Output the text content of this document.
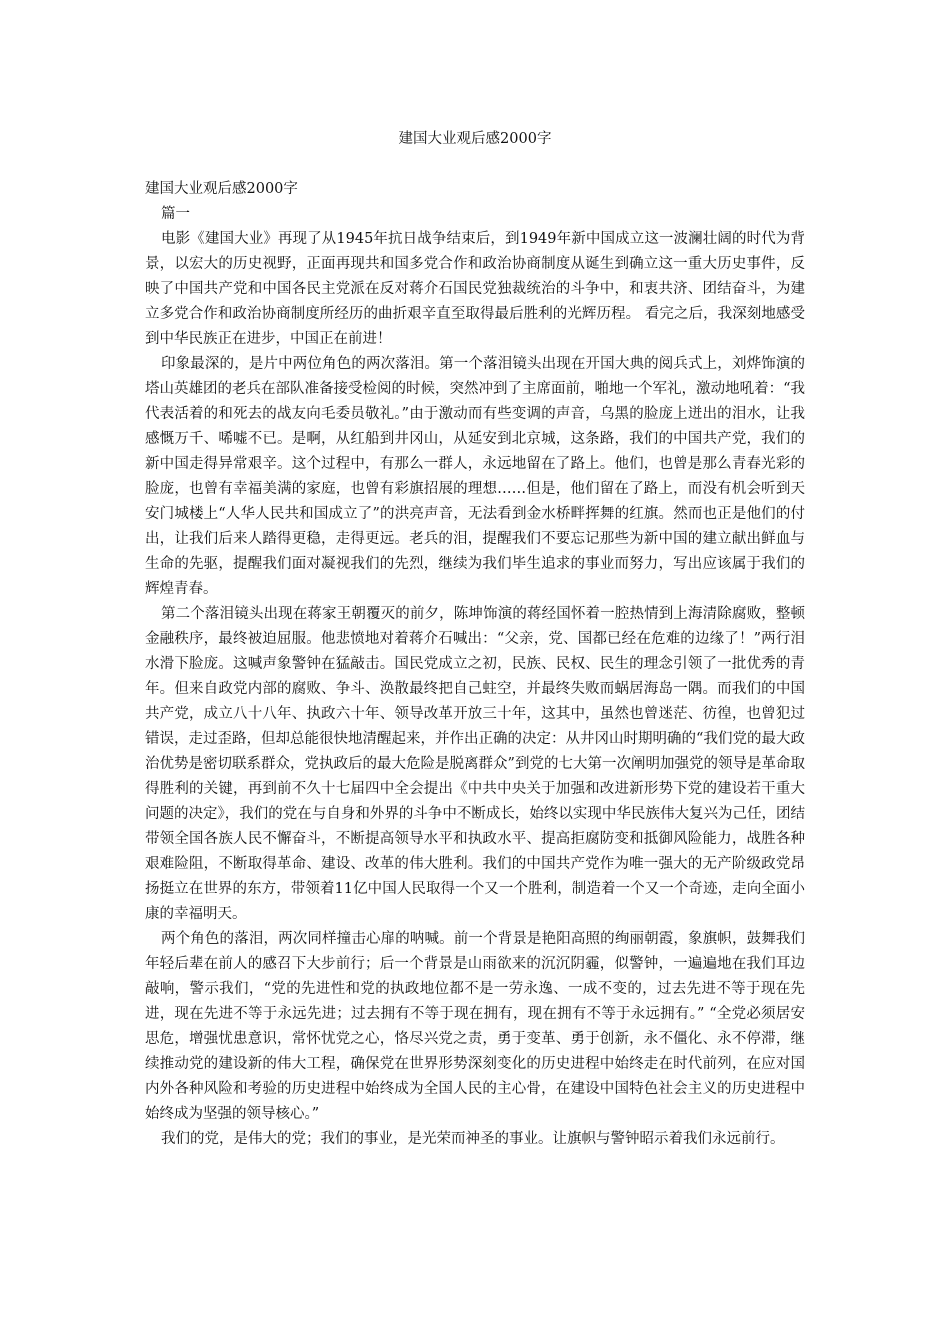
建国大业观后感2000字

建国大业观后感2000字

篇一

电影《建国大业》再现了从1945年抗日战争结束后，到1949年新中国成立这一波澜壮阔的时代为背景，以宏大的历史视野，正面再现共和国多党合作和政治协商制度从诞生到确立这一重大历史事件，反映了中国共产党和中国各民主党派在反对蒋介石国民党独裁统治的斗争中，和衷共济、团结奋斗，为建立多党合作和政治协商制度所经历的曲折艰辛直至取得最后胜利的光辉历程。 看完之后，我深刻地感受到中华民族正在进步，中国正在前进！

印象最深的，是片中两位角色的两次落泪。第一个落泪镜头出现在开国大典的阅兵式上，刘烨饰演的塔山英雄团的老兵在部队准备接受检阅的时候，突然冲到了主席面前，啪地一个军礼，激动地吼着：“我代表活着的和死去的战友向毛委员敬礼。”由于激动而有些变调的声音，乌黑的脸庞上迸出的泪水，让我感慨万千、唏嘘不已。是啊，从红船到井冈山，从延安到北京城，这条路，我们的中国共产党，我们的新中国走得异常艰辛。这个过程中，有那么一群人，永远地留在了路上。他们，也曾是那么青春光彩的脸庞，也曾有幸福美满的家庭，也曾有彩旗招展的理想……但是，他们留在了路上，而没有机会听到天安门城楼上“人华人民共和国成立了”的洪亮声音，无法看到金水桥畔挥舞的红旗。然而也正是他们的付出，让我们后来人踏得更稳，走得更远。老兵的泪，提醒我们不要忘记那些为新中国的建立献出鲜血与生命的先驱，提醒我们面对凝视我们的先烈，继续为我们毕生追求的事业而努力，写出应该属于我们的辉煌青春。

第二个落泪镜头出现在蒋家王朝覆灭的前夕，陈坤饰演的蒋经国怀着一腔热情到上海清除腐败，整顿金融秩序，最终被迫屈服。他悲愤地对着蒋介石喊出：“父亲，党、国都已经在危难的边缘了！”两行泪水滑下脸庞。这喊声象警钟在猛敲击。国民党成立之初，民族、民权、民生的理念引领了一批优秀的青年。但来自政党内部的腐败、争斗、涣散最终把自己蛀空，并最终失败而蜗居海岛一隅。而我们的中国共产党，成立八十八年、执政六十年、领导改革开放三十年，这其中，虽然也曾迷茫、彷徨，也曾犯过错误，走过歪路，但却总能很快地清醒起来，并作出正确的决定：从井冈山时期明确的“我们党的最大政治优势是密切联系群众，党执政后的最大危险是脱离群众”到党的七大第一次阐明加强党的领导是革命取得胜利的关键，再到前不久十七届四中全会提出《中共中央关于加强和改进新形势下党的建设若干重大问题的决定》，我们的党在与自身和外界的斗争中不断成长，始终以实现中华民族伟大复兴为己任，团结带领全国各族人民不懈奋斗，不断提高领导水平和执政水平、提高拒腐防变和抵御风险能力，战胜各种艰难险阻，不断取得革命、建设、改革的伟大胜利。我们的中国共产党作为唯一强大的无产阶级政党昂扬挺立在世界的东方，带领着11亿中国人民取得一个又一个胜利，制造着一个又一个奇迹，走向全面小康的幸福明天。

两个角色的落泪，两次同样撞击心扉的呐喊。前一个背景是艳阳高照的绚丽朝霞，象旗帜，鼓舞我们年轻后辈在前人的感召下大步前行；后一个背景是山雨欲来的沉沉阴霾，似警钟，一遍遍地在我们耳边敲响，警示我们，“党的先进性和党的执政地位都不是一劳永逸、一成不变的，过去先进不等于现在先进，现在先进不等于永远先进；过去拥有不等于现在拥有，现在拥有不等于永远拥有。” “全党必须居安思危，增强忧患意识，常怀忧党之心，恪尽兴党之责，勇于变革、勇于创新，永不僵化、永不停滞，继续推动党的建设新的伟大工程，确保党在世界形势深刻变化的历史进程中始终走在时代前列，在应对国内外各种风险和考验的历史进程中始终成为全国人民的主心骨，在建设中国特色社会主义的历史进程中始终成为坚强的领导核心。”

我们的党，是伟大的党；我们的事业，是光荣而神圣的事业。让旗帜与警钟昭示着我们永远前行。
